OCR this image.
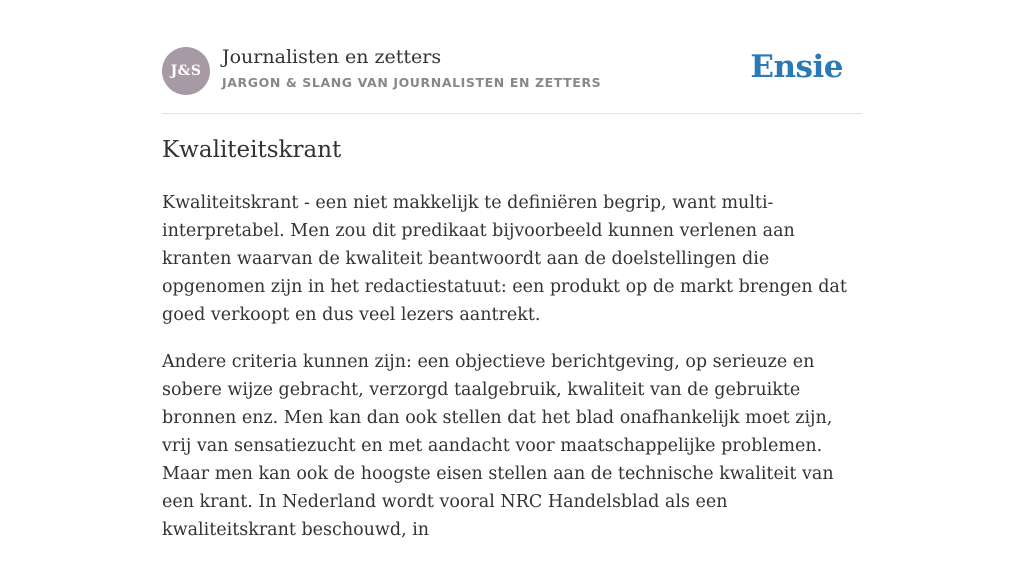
J&S
Journalisten en zetters
JARGON & SLANG VAN JOURNALISTEN EN ZETTERS	Ensie
Kwaliteitskrant

Kwaliteitskrant - een niet makkelijk te definiëren begrip, want multi-interpretabel. Men zou dit predikaat bijvoorbeeld kunnen verlenen aan kranten waarvan de kwaliteit beantwoordt aan de doelstellingen die opgenomen zijn in het redactiestatuut: een produkt op de markt brengen dat goed verkoopt en dus veel lezers aantrekt.

Andere criteria kunnen zijn: een objectieve berichtgeving, op serieuze en sobere wijze gebracht, verzorgd taalgebruik, kwaliteit van de gebruikte bronnen enz. Men kan dan ook stellen dat het blad onafhankelijk moet zijn, vrij van sensatiezucht en met aandacht voor maatschappelijke problemen. Maar men kan ook de hoogste eisen stellen aan de technische kwaliteit van een krant. In Nederland wordt vooral NRC Handelsblad als een kwaliteitskrant beschouwd, in
